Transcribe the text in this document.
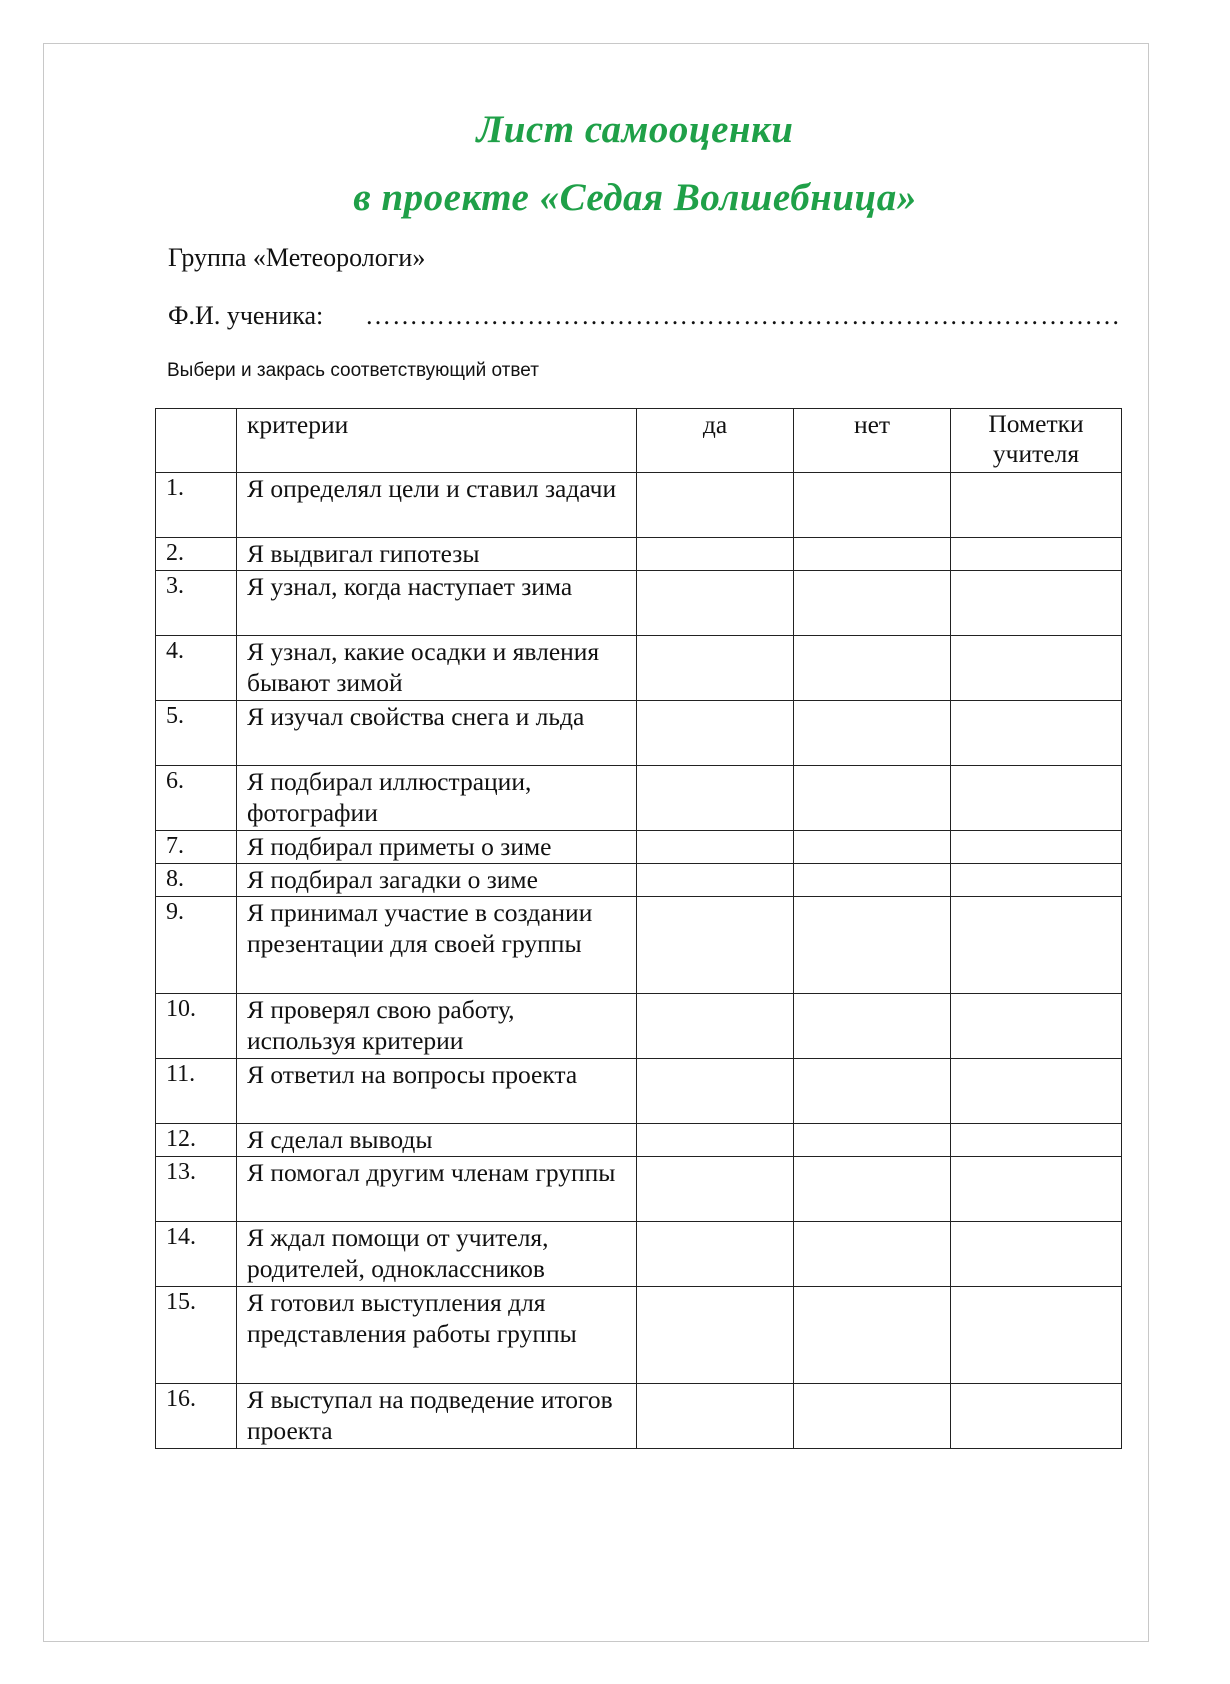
Лист самооценки
в проекте «Седая Волшебница»
Группа «Метеорологи»
Ф.И. ученика: …………………………………………………………………………
Выбери и закрась соответствующий ответ
	критерии	да	нет	Пометки учителя
1.	Я определял цели и ставил задачи			
2.	Я выдвигал гипотезы			
3.	Я узнал, когда наступает зима			
4.	Я узнал, какие осадки и явления бывают зимой			
5.	Я изучал свойства снега и льда			
6.	Я подбирал иллюстрации, фотографии			
7.	Я подбирал приметы о зиме			
8.	Я подбирал загадки о зиме			
9.	Я принимал участие в создании презентации для своей группы			
10.	Я проверял свою работу, используя критерии			
11.	Я ответил на вопросы проекта			
12.	Я сделал выводы			
13.	Я помогал другим членам группы			
14.	Я ждал помощи от учителя, родителей, одноклассников			
15.	Я готовил выступления для представления работы группы			
16.	Я выступал на подведение итогов проекта			
